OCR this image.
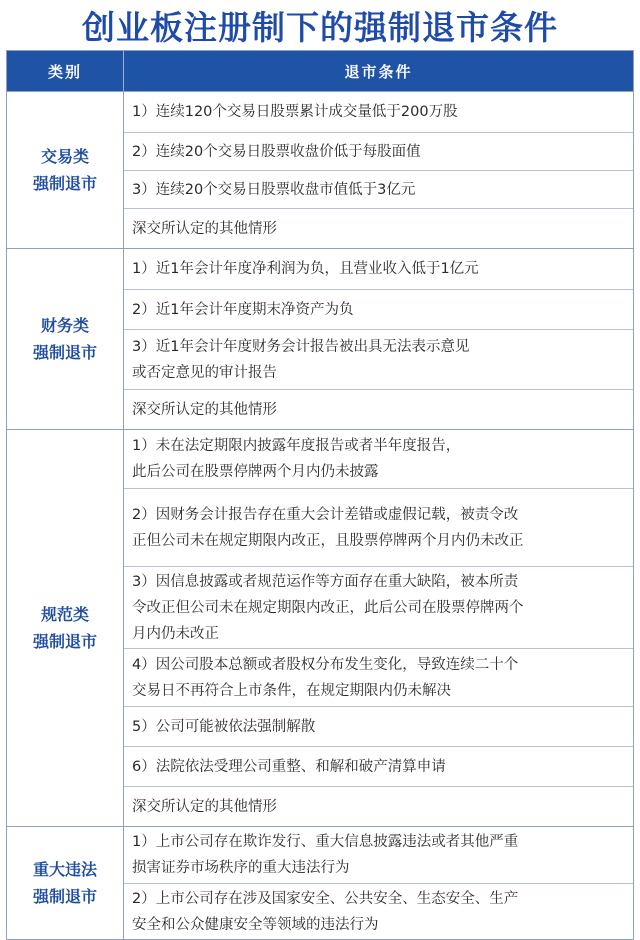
创业板注册制下的强制退市条件
类别	退市条件
交易类
强制退市
1）连续120个交易日股票累计成交量低于200万股
2）连续20个交易日股票收盘价低于每股面值
3）连续20个交易日股票收盘市值低于3亿元
深交所认定的其他情形
财务类
强制退市
1）近1年会计年度净利润为负，且营业收入低于1亿元
2）近1年会计年度期末净资产为负
3）近1年会计年度财务会计报告被出具无法表示意见
或否定意见的审计报告
深交所认定的其他情形
规范类
强制退市
1）未在法定期限内披露年度报告或者半年度报告，
此后公司在股票停牌两个月内仍未披露
2）因财务会计报告存在重大会计差错或虚假记载，被责令改
正但公司未在规定期限内改正，且股票停牌两个月内仍未改正
3）因信息披露或者规范运作等方面存在重大缺陷，被本所责
令改正但公司未在规定期限内改正，此后公司在股票停牌两个
月内仍未改正
4）因公司股本总额或者股权分布发生变化，导致连续二十个
交易日不再符合上市条件，在规定期限内仍未解决
5）公司可能被依法强制解散
6）法院依法受理公司重整、和解和破产清算申请
深交所认定的其他情形
重大违法
强制退市
1）上市公司存在欺诈发行、重大信息披露违法或者其他严重
损害证券市场秩序的重大违法行为
2）上市公司存在涉及国家安全、公共安全、生态安全、生产
安全和公众健康安全等领域的违法行为
